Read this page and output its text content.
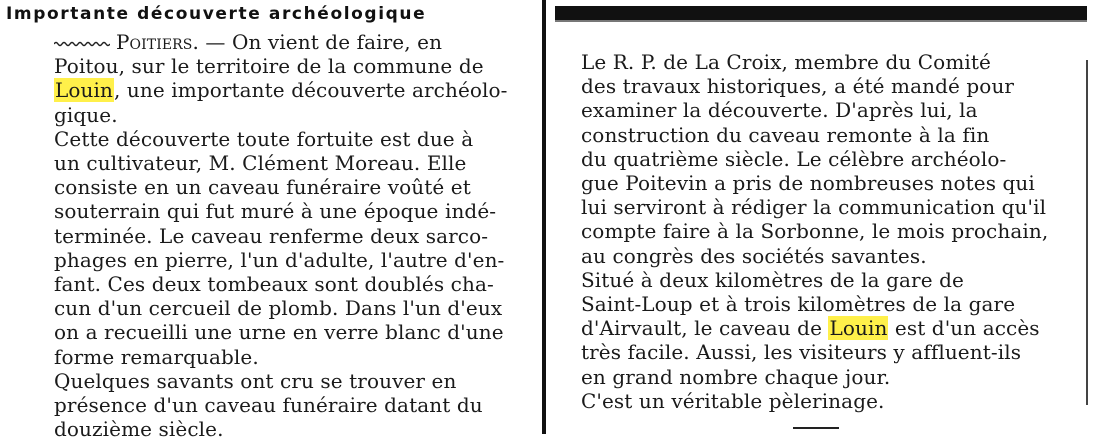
Importante découverte archéologique

Poitiers. — On vient de faire, en
Poitou, sur le territoire de la commune de
Louin, une importante découverte archéolo-
gique.

Cette découverte toute fortuite est due à
un cultivateur, M. Clément Moreau. Elle
consiste en un caveau funéraire voûté et
souterrain qui fut muré à une époque indé-
terminée. Le caveau renferme deux sarco-
phages en pierre, l'un d'adulte, l'autre d'en-
fant. Ces deux tombeaux sont doublés cha-
cun d'un cercueil de plomb. Dans l'un d'eux
on a recueilli une urne en verre blanc d'une
forme remarquable.

Quelques savants ont cru se trouver en
présence d'un caveau funéraire datant du
douzième siècle.

Le R. P. de La Croix, membre du Comité
des travaux historiques, a été mandé pour
examiner la découverte. D'après lui, la
construction du caveau remonte à la fin
du quatrième siècle. Le célèbre archéolo-
gue Poitevin a pris de nombreuses notes qui
lui serviront à rédiger la communication qu'il
compte faire à la Sorbonne, le mois prochain,
au congrès des sociétés savantes.

Situé à deux kilomètres de la gare de
Saint-Loup et à trois kilomètres de la gare
d'Airvault, le caveau de Louin est d'un accès
très facile. Aussi, les visiteurs y affluent-ils
en grand nombre chaque jour.

C'est un véritable pèlerinage.
